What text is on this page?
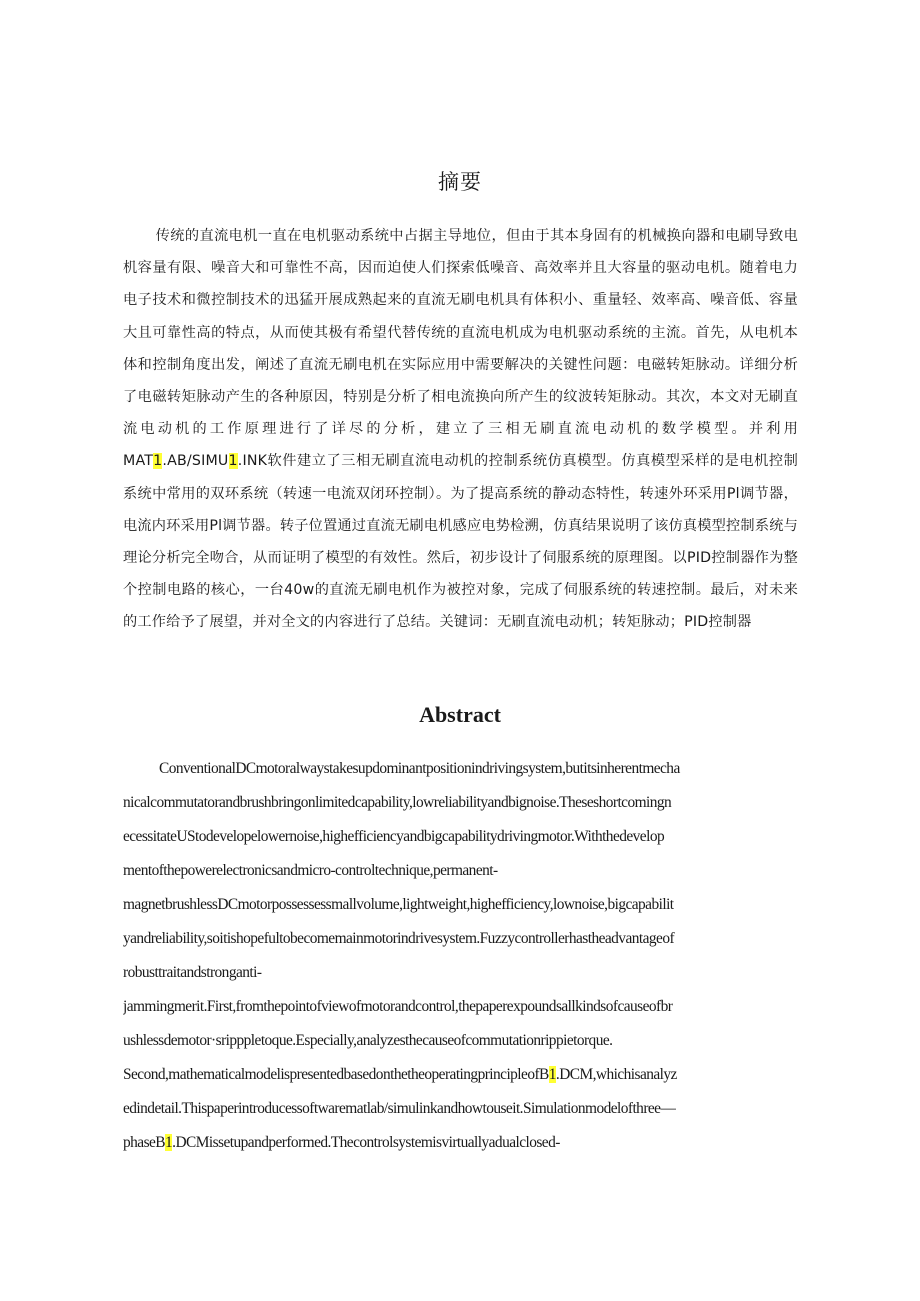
摘要
传统的直流电机一直在电机驱动系统中占据主导地位，但由于其本身固有的机械换向器和电刷导致电机容量有限、噪音大和可靠性不高，因而迫使人们探索低噪音、高效率并且大容量的驱动电机。随着电力电子技术和微控制技术的迅猛开展成熟起来的直流无刷电机具有体积小、重量轻、效率高、噪音低、容量大且可靠性高的特点，从而使其极有希望代替传统的直流电机成为电机驱动系统的主流。首先，从电机本体和控制角度出发，阐述了直流无刷电机在实际应用中需要解决的关键性问题：电磁转矩脉动。详细分析了电磁转矩脉动产生的各种原因，特别是分析了相电流换向所产生的纹波转矩脉动。其次，本文对无刷直流电动机的工作原理进行了详尽的分析，建立了三相无刷直流电动机的数学模型。并利用MAT1.AB/SIMU1.INK软件建立了三相无刷直流电动机的控制系统仿真模型。仿真模型采样的是电机控制系统中常用的双环系统（转速一电流双闭环控制）。为了提高系统的静动态特性，转速外环采用Pl调节器，电流内环采用Pl调节器。转子位置通过直流无刷电机感应电势检溯，仿真结果说明了该仿真模型控制系统与理论分析完全吻合，从而证明了模型的有效性。然后，初步设计了伺服系统的原理图。以PID控制器作为整个控制电路的核心，一台40w的直流无刷电机作为被控对象，完成了伺服系统的转速控制。最后，对未来的工作给予了展望，并对全文的内容进行了总结。关键词：无刷直流电动机；转矩脉动；PID控制器
Abstract
ConventionalDCmotoralwaystakesupdominantpositionindrivingsystem,butitsinherentmecha
nicalcommutatorandbrushbringonlimitedcapability,lowreliabilityandbignoise.Theseshortcomingn
ecessitateUStodevelopelowernoise,highefficiencyandbigcapabilitydrivingmotor.Withthedevelop
mentofthepowerelectronicsandmicro-controltechnique,permanent-
magnetbrushlessDCmotorpossessessmallvolume,lightweight,highefficiency,lownoise,bigcapabilit
yandreliability,soitishopefultobecomemainmotorindrivesystem.Fuzzycontrollerhastheadvantageof
robusttraitandstronganti-
jammingmerit.First,fromthepointofviewofmotorandcontrol,thepaperexpoundsallkindsofcauseofbr
ushlessdemotor·sripppletoque.Especially,analyzesthecauseofcommutationrippietorque.
Second,mathematicalmodelispresentedbasedonthetheoperatingprincipleofB1.DCM,whichisanalyz
edindetail.Thispaperintroducessoftwarematlab/simulinkandhowtouseit.Simulationmodelofthree—
phaseB1.DCMissetupandperformed.Thecontrolsystemisvirtuallyadualclosed-
